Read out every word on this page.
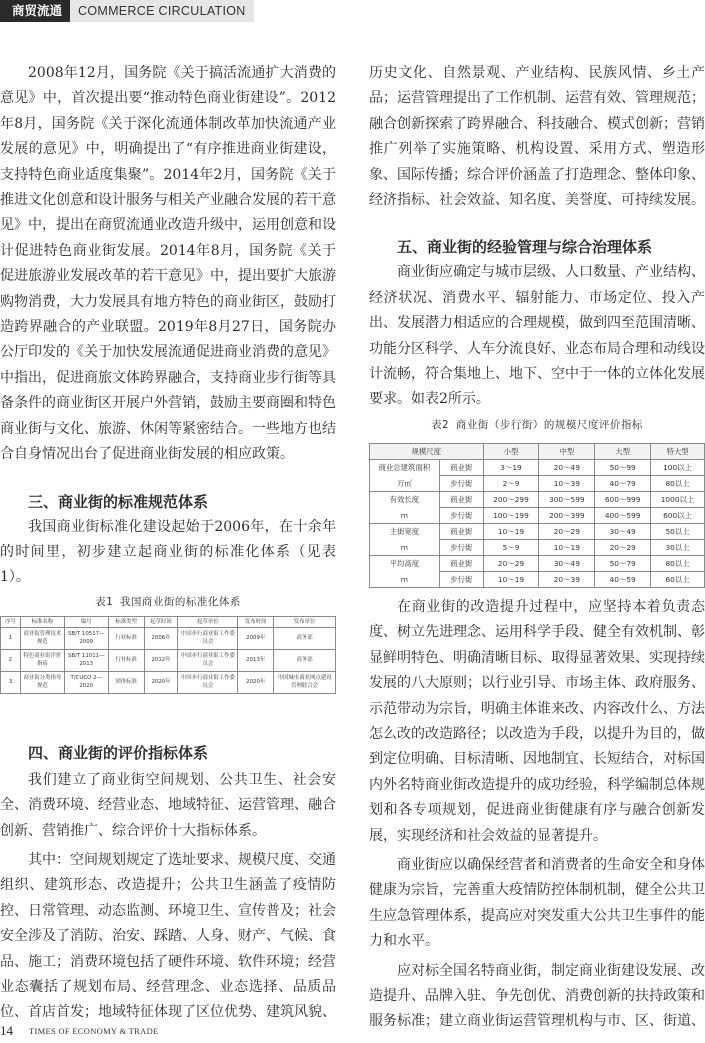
商贸流通	COMMERCE CIRCULATION

2008年12月，国务院《关于搞活流通扩大消费的意见》中，首次提出要“推动特色商业街建设”。2012年8月，国务院《关于深化流通体制改革加快流通产业发展的意见》中，明确提出了“有序推进商业街建设，支持特色商业适度集聚”。2014年2月，国务院《关于推进文化创意和设计服务与相关产业融合发展的若干意见》中，提出在商贸流通业改造升级中，运用创意和设计促进特色商业街发展。2014年8月，国务院《关于促进旅游业发展改革的若干意见》中，提出要扩大旅游购物消费，大力发展具有地方特色的商业街区，鼓励打造跨界融合的产业联盟。2019年8月27日，国务院办公厅印发的《关于加快发展流通促进商业消费的意见》中指出，促进商旅文体跨界融合，支持商业步行街等具备条件的商业街区开展户外营销，鼓励主要商圈和特色商业街与文化、旅游、休闲等紧密结合。一些地方也结合自身情况出台了促进商业街发展的相应政策。

三、商业街的标准规范体系

我国商业街标准化建设起始于2006年，在十余年的时间里，初步建立起商业街的标准化体系（见表1）。

表1 我国商业街的标准化体系
序号	标准名称	编号	标准类型	起草时间	起草单位	发布时间	发布单位
1	商业街管理技术规范	SB/T 10517—2009	行业标准	2006年	中国步行商业街工作委员会	2009年	商务部
2	特色商业街评价指南	SB/T 11011—2013	行业标准	2012年	中国步行商业街工作委员会	2013年	商务部
3	商业街分类指导规范	T/CUCO 2—2020	团体标准	2020年	中国步行商业街工作委员会	2020年	中国城市商业网点建设管理联合会
四、商业街的评价指标体系

我们建立了商业街空间规划、公共卫生、社会安全、消费环境、经营业态、地域特征、运营管理、融合创新、营销推广、综合评价十大指标体系。

其中：空间规划规定了选址要求、规模尺度、交通组织、建筑形态、改造提升；公共卫生涵盖了疫情防控、日常管理、动态监测、环境卫生、宣传普及；社会安全涉及了消防、治安、踩踏、人身、财产、气候、食品、施工；消费环境包括了硬件环境、软件环境；经营业态囊括了规划布局、经营理念、业态选择、品质品位、首店首发；地域特征体现了区位优势、建筑风貌、

历史文化、自然景观、产业结构、民族风情、乡土产品；运营管理提出了工作机制、运营有效、管理规范；融合创新探索了跨界融合、科技融合、模式创新；营销推广列举了实施策略、机构设置、采用方式、塑造形象、国际传播；综合评价涵盖了打造理念、整体印象、经济指标、社会效益、知名度、美誉度、可持续发展。

五、商业街的经验管理与综合治理体系

商业街应确定与城市层级、人口数量、产业结构、经济状况、消费水平、辐射能力、市场定位、投入产出、发展潜力相适应的合理规模，做到四至范围清晰、功能分区科学、人车分流良好、业态布局合理和动线设计流畅，符合集地上、地下、空中于一体的立体化发展要求。如表2所示。

表2 商业街（步行街）的规模尺度评价指标
规模尺度		小型	中型	大型	特大型
商业总建筑面积	商业街	3～19	20～49	50～99	100以上
万㎡	步行街	2～9	10～39	40～79	80以上
有效长度	商业街	200～299	300～599	600～999	1000以上
m	步行街	100～199	200～399	400～599	600以上
主街宽度	商业街	10～19	20～29	30～49	50以上
m	步行街	5～9	10～19	20～29	30以上
平均高度	商业街	20～29	30～49	50～79	80以上
m	步行街	10～19	20～39	40～59	60以上

在商业街的改造提升过程中，应坚持本着负责态度、树立先进理念、运用科学手段、健全有效机制、彰显鲜明特色、明确清晰目标、取得显著效果、实现持续发展的八大原则；以行业引导、市场主体、政府服务、示范带动为宗旨，明确主体谁来改、内容改什么、方法怎么改的改造路径；以改造为手段，以提升为目的，做到定位明确、目标清晰、因地制宜、长短结合，对标国内外名特商业街改造提升的成功经验，科学编制总体规划和各专项规划，促进商业街健康有序与融合创新发展，实现经济和社会效益的显著提升。

商业街应以确保经营者和消费者的生命安全和身体健康为宗旨，完善重大疫情防控体制机制，健全公共卫生应急管理体系，提高应对突发重大公共卫生事件的能力和水平。

应对标全国名特商业街，制定商业街建设发展、改造提升、品牌入驻、争先创优、消费创新的扶持政策和服务标准；建立商业街运营管理机构与市、区、街道、

14 TIMES OF ECONOMY & TRADE
